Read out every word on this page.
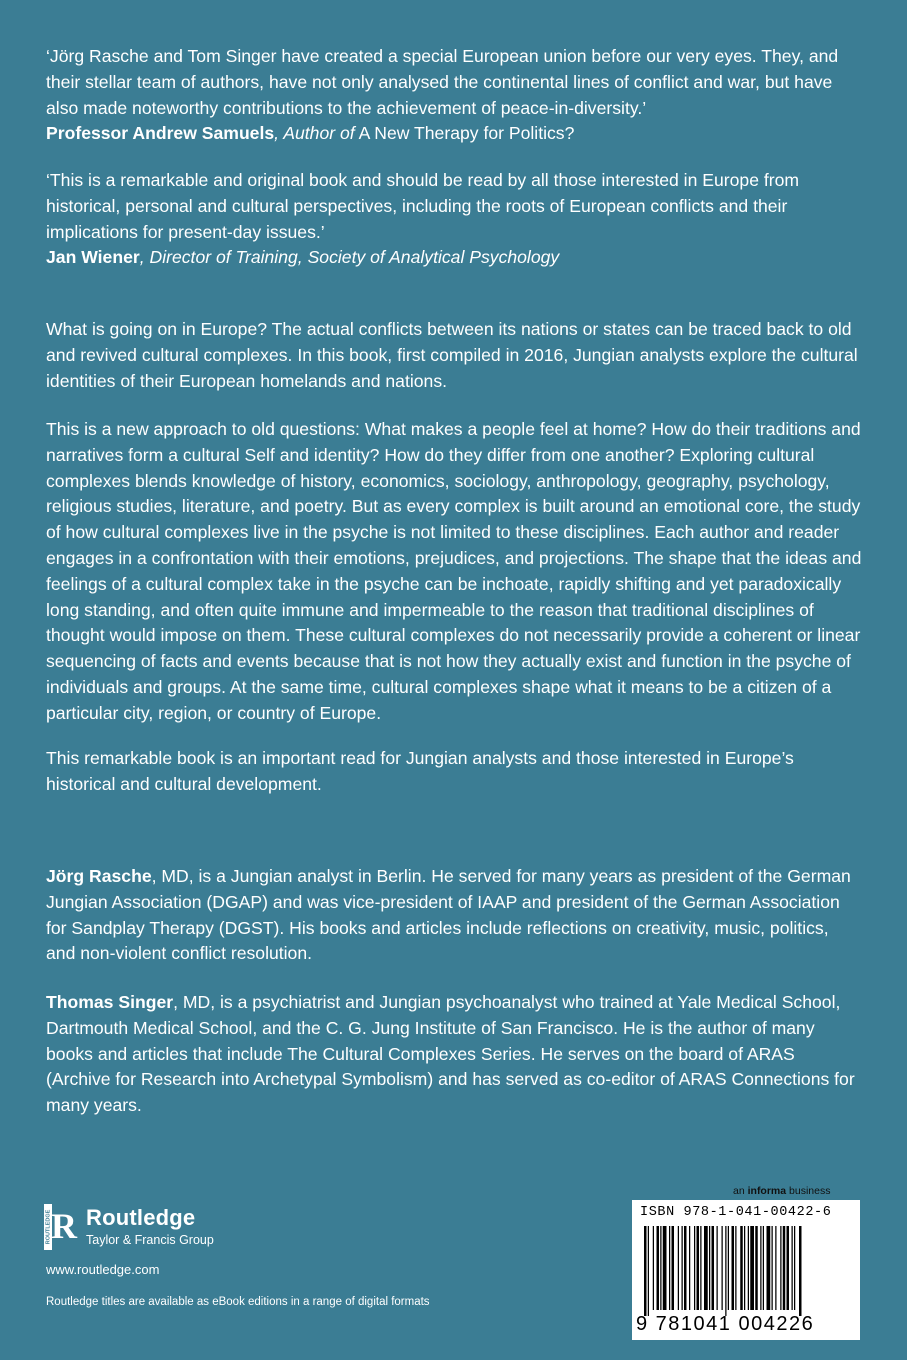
‘Jörg Rasche and Tom Singer have created a special European union before our very eyes. They, and their stellar team of authors, have not only analysed the continental lines of conflict and war, but have also made noteworthy contributions to the achievement of peace-in-diversity.’

Professor Andrew Samuels, Author of A New Therapy for Politics?

‘This is a remarkable and original book and should be read by all those interested in Europe from historical, personal and cultural perspectives, including the roots of European conflicts and their implications for present-day issues.’

Jan Wiener, Director of Training, Society of Analytical Psychology

What is going on in Europe? The actual conflicts between its nations or states can be traced back to old and revived cultural complexes. In this book, first compiled in 2016, Jungian analysts explore the cultural identities of their European homelands and nations.

This is a new approach to old questions: What makes a people feel at home? How do their traditions and narratives form a cultural Self and identity? How do they differ from one another? Exploring cultural complexes blends knowledge of history, economics, sociology, anthropology, geography, psychology, religious studies, literature, and poetry. But as every complex is built around an emotional core, the study of how cultural complexes live in the psyche is not limited to these disciplines. Each author and reader engages in a confrontation with their emotions, prejudices, and projections. The shape that the ideas and feelings of a cultural complex take in the psyche can be inchoate, rapidly shifting and yet paradoxically long standing, and often quite immune and impermeable to the reason that traditional disciplines of thought would impose on them. These cultural complexes do not necessarily provide a coherent or linear sequencing of facts and events because that is not how they actually exist and function in the psyche of individuals and groups. At the same time, cultural complexes shape what it means to be a citizen of a particular city, region, or country of Europe.

This remarkable book is an important read for Jungian analysts and those interested in Europe’s historical and cultural development.

Jörg Rasche, MD, is a Jungian analyst in Berlin. He served for many years as president of the German Jungian Association (DGAP) and was vice-president of IAAP and president of the German Association for Sandplay Therapy (DGST). His books and articles include reflections on creativity, music, politics, and non-violent conflict resolution.

Thomas Singer, MD, is a psychiatrist and Jungian psychoanalyst who trained at Yale Medical School, Dartmouth Medical School, and the C. G. Jung Institute of San Francisco. He is the author of many books and articles that include The Cultural Complexes Series. He serves on the board of ARAS (Archive for Research into Archetypal Symbolism) and has served as co-editor of ARAS Connections for many years.

ROUTLEDGE R Routledge
Taylor & Francis Group
www.routledge.com
Routledge titles are available as eBook editions in a range of digital formats
an informa business
ISBN 978-1-041-00422-6
9 781041 004226
